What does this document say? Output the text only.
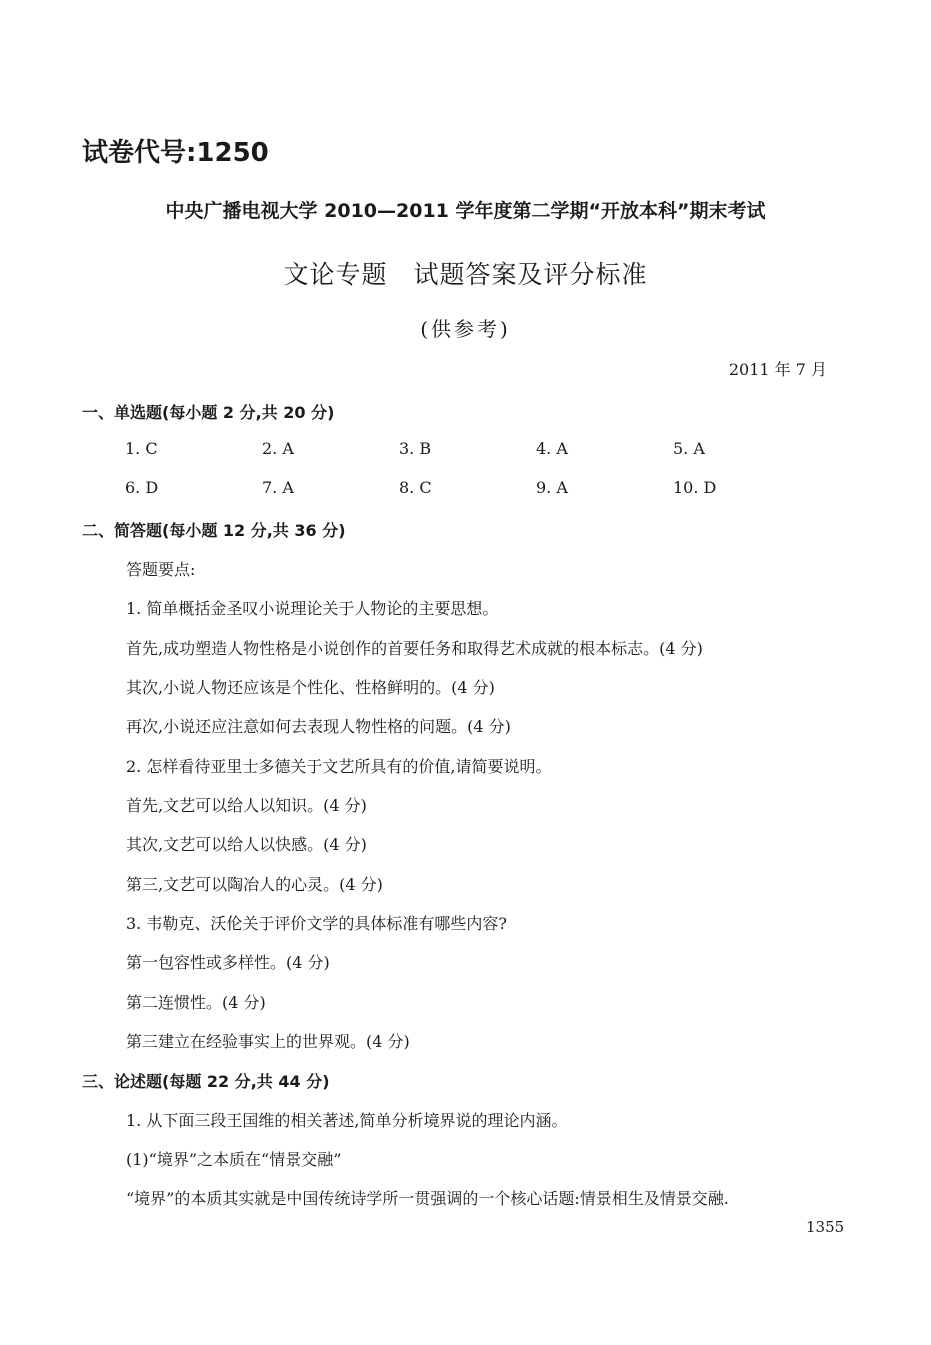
试卷代号:1250
中央广播电视大学 2010—2011 学年度第二学期“开放本科”期末考试
文论专题　试题答案及评分标准
(供参考)
2011 年 7 月
一、单选题(每小题 2 分,共 20 分)
1. C	2. A	3. B	4. A	5. A
6. D	7. A	8. C	9. A	10. D
二、简答题(每小题 12 分,共 36 分)
答题要点:
1. 简单概括金圣叹小说理论关于人物论的主要思想。
首先,成功塑造人物性格是小说创作的首要任务和取得艺术成就的根本标志。(4 分)
其次,小说人物还应该是个性化、性格鲜明的。(4 分)
再次,小说还应注意如何去表现人物性格的问题。(4 分)
2. 怎样看待亚里士多德关于文艺所具有的价值,请简要说明。
首先,文艺可以给人以知识。(4 分)
其次,文艺可以给人以快感。(4 分)
第三,文艺可以陶冶人的心灵。(4 分)
3. 韦勒克、沃伦关于评价文学的具体标准有哪些内容?
第一包容性或多样性。(4 分)
第二连惯性。(4 分)
第三建立在经验事实上的世界观。(4 分)
三、论述题(每题 22 分,共 44 分)
1. 从下面三段王国维的相关著述,简单分析境界说的理论内涵。
(1)“境界”之本质在“情景交融”
“境界”的本质其实就是中国传统诗学所一贯强调的一个核心话题:情景相生及情景交融.
1355
